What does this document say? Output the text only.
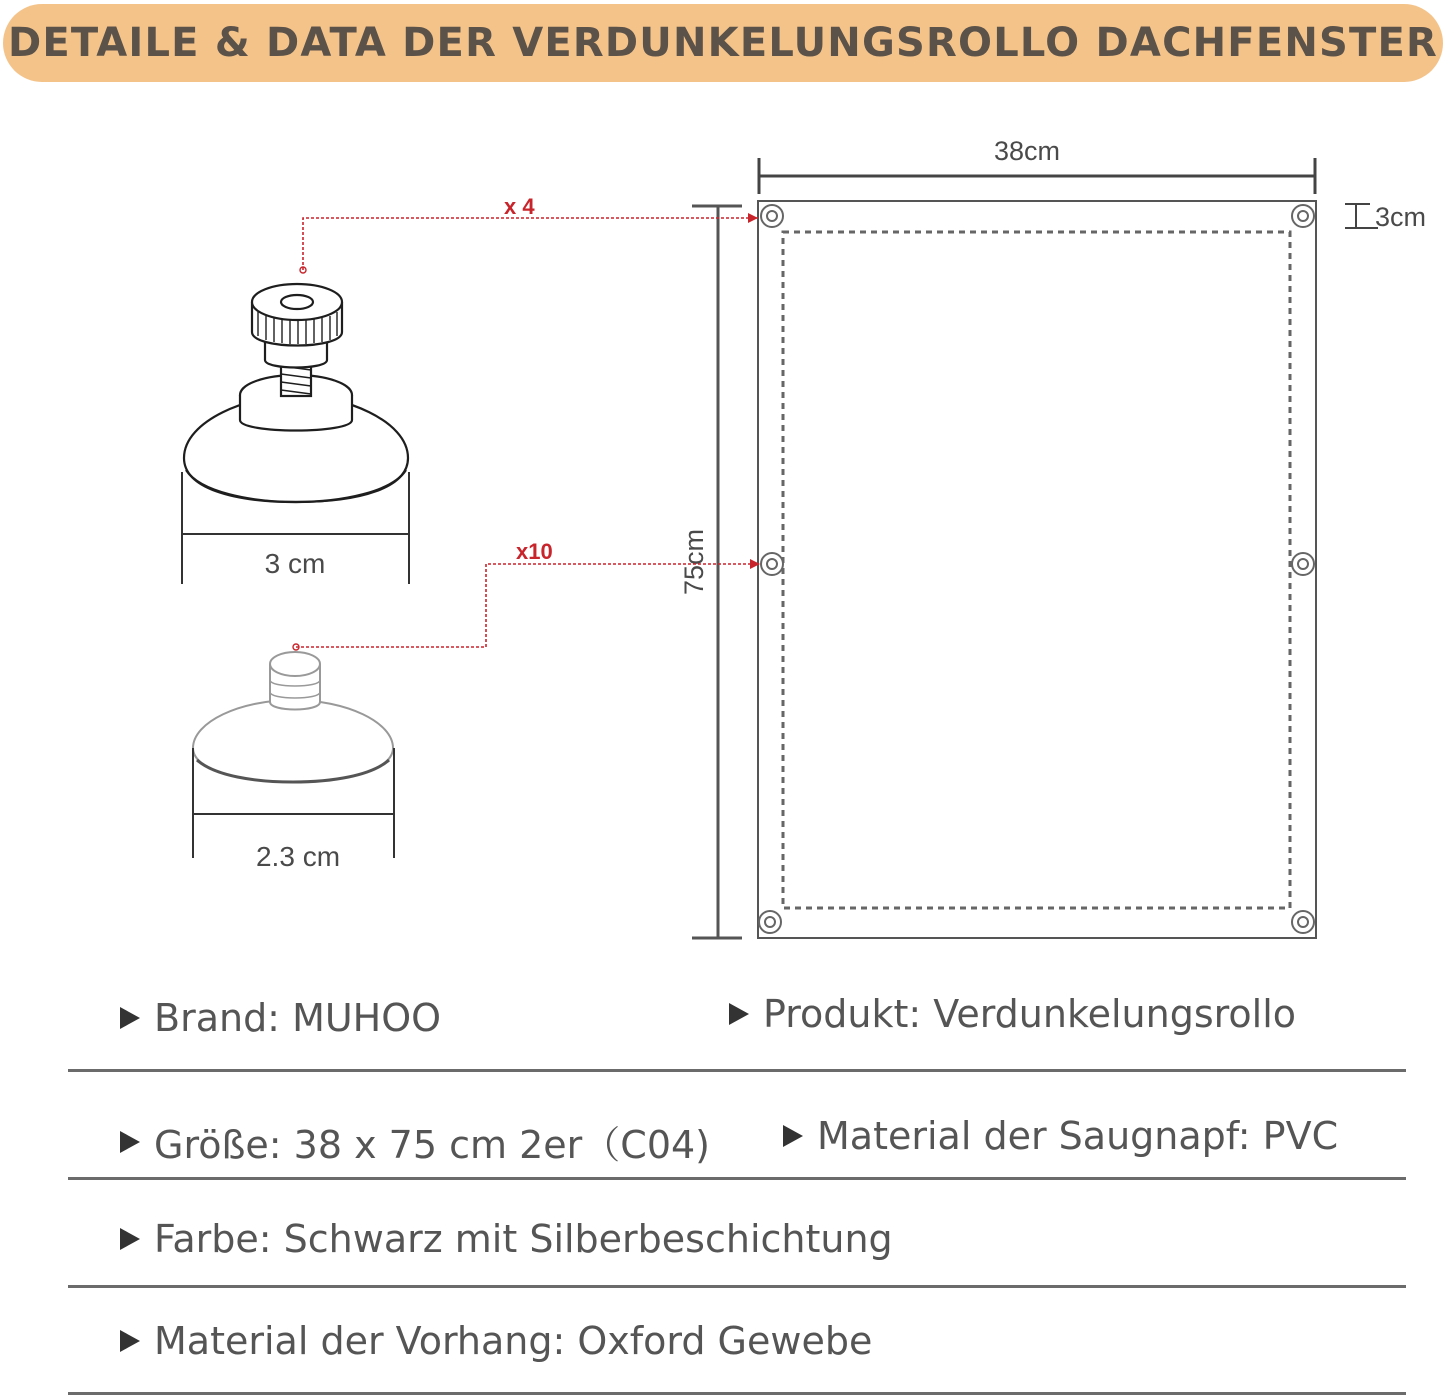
DETAILE & DATA DER VERDUNKELUNGSROLLO DACHFENSTER
38cm
75cm
3cm
x 4
x10
3 cm
2.3 cm
Brand: MUHOO	Produkt: Verdunkelungsrollo
Größe: 38 x 75 cm 2er（C04)	Material der Saugnapf: PVC
Farbe: Schwarz mit Silberbeschichtung
Material der Vorhang: Oxford Gewebe
